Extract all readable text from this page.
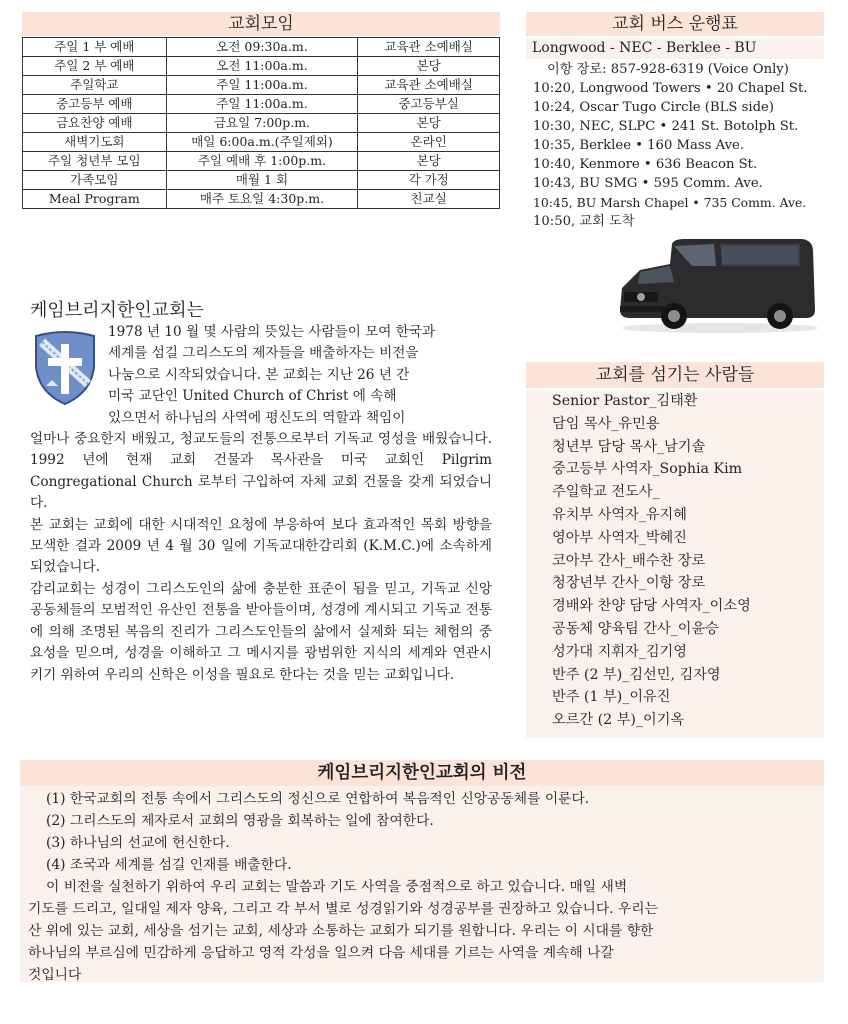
교회모임
주일 1 부 예배	오전 09:30a.m.	교육관 소예배실
주일 2 부 예배	오전 11:00a.m.	본당
주일학교	주일 11:00a.m.	교육관 소예배실
중고등부 예배	주일 11:00a.m.	중고등부실
금요찬양 예배	금요일 7:00p.m.	본당
새벽기도회	매일 6:00a.m.(주일제외)	온라인
주일 청년부 모임	주일 예배 후 1:00p.m.	본당
가족모임	매월 1 회	각 가정
Meal Program	매주 토요일 4:30p.m.	친교실
교회 버스 운행표
Longwood - NEC - Berklee - BU
이항 장로: 857-928-6319 (Voice Only)
10:20, Longwood Towers • 20 Chapel St.
10:24, Oscar Tugo Circle (BLS side)
10:30, NEC, SLPC • 241 St. Botolph St.
10:35, Berklee • 160 Mass Ave.
10:40, Kenmore • 636 Beacon St.
10:43, BU SMG • 595 Comm. Ave.
10:45, BU Marsh Chapel • 735 Comm. Ave.
10:50, 교회 도착
케임브리지한인교회는
1978 년 10 월 몇 사람의 뜻있는 사람들이 모여 한국과
세계를 섬길 그리스도의 제자들을 배출하자는 비전을
나눔으로 시작되었습니다. 본 교회는 지난 26 년 간
미국 교단인 United Church of Christ 에 속해
있으면서 하나님의 사역에 평신도의 역할과 책임이

얼마나 중요한지 배웠고, 청교도들의 전통으로부터 기독교 영성을 배웠습니다. 1992 년에 현재 교회 건물과 목사관을 미국 교회인 Pilgrim Congregational Church 로부터 구입하여 자체 교회 건물을 갖게 되었습니다.

본 교회는 교회에 대한 시대적인 요청에 부응하여 보다 효과적인 목회 방향을 모색한 결과 2009 년 4 월 30 일에 기독교대한감리회 (K.M.C.)에 소속하게 되었습니다.

감리교회는 성경이 그리스도인의 삶에 충분한 표준이 됨을 믿고, 기독교 신앙 공동체들의 모범적인 유산인 전통을 받아들이며, 성경에 계시되고 기독교 전통에 의해 조명된 복음의 진리가 그리스도인들의 삶에서 실제화 되는 체험의 중요성을 믿으며, 성경을 이해하고 그 메시지를 광범위한 지식의 세계와 연관시키기 위하여 우리의 신학은 이성을 필요로 한다는 것을 믿는 교회입니다.

교회를 섬기는 사람들
Senior Pastor_김태환
담임 목사_유민용
청년부 담당 목사_남기솔
중고등부 사역자_Sophia Kim
주일학교 전도사_
유치부 사역자_유지혜
영아부 사역자_박혜진
코아부 간사_배수찬 장로
청장년부 간사_이항 장로
경배와 찬양 담당 사역자_이소영
공동체 양육팀 간사_이윤승
성가대 지휘자_김기영
반주 (2 부)_김선민, 김자영
반주 (1 부)_이유진
오르간 (2 부)_이기옥
케임브리지한인교회의 비전
(1) 한국교회의 전통 속에서 그리스도의 정신으로 연합하여 복음적인 신앙공동체를 이룬다.
(2) 그리스도의 제자로서 교회의 영광을 회복하는 일에 참여한다.
(3) 하나님의 선교에 헌신한다.
(4) 조국과 세계를 섬길 인재를 배출한다.
이 비전을 실천하기 위하여 우리 교회는 말씀과 기도 사역을 중점적으로 하고 있습니다. 매일 새벽
기도를 드리고, 일대일 제자 양육, 그리고 각 부서 별로 성경읽기와 성경공부를 권장하고 있습니다. 우리는
산 위에 있는 교회, 세상을 섬기는 교회, 세상과 소통하는 교회가 되기를 원합니다. 우리는 이 시대를 향한
하나님의 부르심에 민감하게 응답하고 영적 각성을 일으켜 다음 세대를 기르는 사역을 계속해 나갈
것입니다
